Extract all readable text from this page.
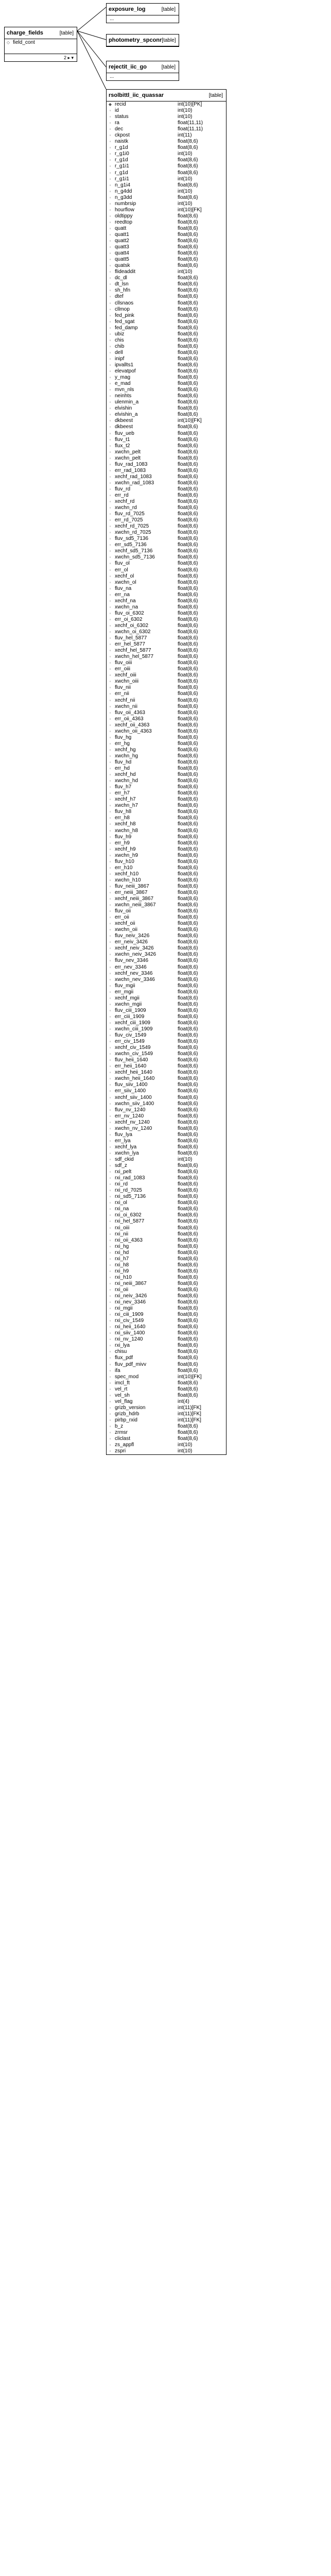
exposure_log	[table]
...
charge_fields	[table]
◇ field_cont
2 ▸ ▾
photometry_spconr [table]
rejectit_iic_go	[table]
...
rsolbittl_iic_quassar	[table]
◆ recid	int(10)[PK]
◦ id	int(10)
◦ status	int(10)
◦ ra	float(11,11)
◦ dec	float(11,11)
◦ ckpost	int(11)
◦ naistk	float(8,6)
◦ r_g1d	float(8,6)
◦ r_g1i0	int(10)
◦ r_g1d	float(8,6)
◦ r_g1i1	float(8,6)
◦ r_g1d	float(8,6)
◦ r_g1i1	int(10)
◦ n_g1i4	float(8,6)
◦ n_g4dd	int(10)
◦ n_g3dd	float(8,6)
◦ numbrsip	int(10)
◦ hourflow	int(10)[FK]
◦ oldtippy	float(8,6)
◦ reedtop	float(8,6)
◦ quatt	float(8,6)
◦ quatt1	float(8,6)
◦ quatt2	float(8,6)
◦ quatt3	float(8,6)
◦ quatt4	float(8,6)
◦ quatt5	float(8,6)
◦ quatsk	float(8,6)
◦ flideaddit	int(10)
◦ dc_dl	float(8,6)
◦ dt_lsn	float(8,6)
◦ sh_hfn	float(8,6)
◦ dtef	float(8,6)
◦ cllsnaos	float(8,6)
◦ cllmop	float(8,6)
◦ fed_pink	float(8,6)
◦ fed_sgat	float(8,6)
◦ fed_damp	float(8,6)
◦ ubiz	float(8,6)
◦ chis	float(8,6)
◦ chib	float(8,6)
◦ dell	float(8,6)
◦ inipf	float(8,6)
◦ ipvallts1	float(8,6)
◦ elevatpof	float(8,6)
◦ y_mag	float(8,6)
◦ e_mad	float(8,6)
◦ mvn_nls	float(8,6)
◦ neinhts	float(8,6)
◦ ulenmin_a	float(8,6)
◦ elvishin	float(8,6)
◦ elvishin_a	float(8,6)
◦ dkbeest	int(10)[FK]
◦ dkbeest	float(8,6)
◦ fluv_ueb	float(8,6)
◦ fluv_t1	float(8,6)
◦ flux_t2	float(8,6)
◦ xwchn_pelt	float(8,6)
◦ xwchn_pelt	float(8,6)
◦ fluv_rad_1083	float(8,6)
◦ err_rad_1083	float(8,6)
◦ xechf_rad_1083	float(8,6)
◦ xwchn_rad_1083	float(8,6)
◦ fluv_rd	float(8,6)
◦ err_rd	float(8,6)
◦ xechf_rd	float(8,6)
◦ xwchn_rd	float(8,6)
◦ fluv_rd_7025	float(8,6)
◦ err_rd_7025	float(8,6)
◦ xechf_rd_7025	float(8,6)
◦ xwchn_rd_7025	float(8,6)
◦ fluv_sd5_7136	float(8,6)
◦ err_sd5_7136	float(8,6)
◦ xechf_sd5_7136	float(8,6)
◦ xwchn_sd5_7136	float(8,6)
◦ fluv_ol	float(8,6)
◦ err_ol	float(8,6)
◦ xechf_ol	float(8,6)
◦ xwchn_ol	float(8,6)
◦ fluv_na	float(8,6)
◦ err_na	float(8,6)
◦ xechf_na	float(8,6)
◦ xwchn_na	float(8,6)
◦ fluv_oi_6302	float(8,6)
◦ err_oi_6302	float(8,6)
◦ xechf_oi_6302	float(8,6)
◦ xwchn_oi_6302	float(8,6)
◦ fluv_hel_5877	float(8,6)
◦ err_hel_5877	float(8,6)
◦ xechf_hel_5877	float(8,6)
◦ xwchn_hel_5877	float(8,6)
◦ fluv_oiii	float(8,6)
◦ err_oiii	float(8,6)
◦ xechf_oiii	float(8,6)
◦ xwchn_oiii	float(8,6)
◦ fluv_nii	float(8,6)
◦ err_nii	float(8,6)
◦ xechf_nii	float(8,6)
◦ xwchn_nii	float(8,6)
◦ fluv_oii_4363	float(8,6)
◦ err_oii_4363	float(8,6)
◦ xechf_oii_4363	float(8,6)
◦ xwchn_oii_4363	float(8,6)
◦ fluv_hg	float(8,6)
◦ err_hg	float(8,6)
◦ xechf_hg	float(8,6)
◦ xwchn_hg	float(8,6)
◦ fluv_hd	float(8,6)
◦ err_hd	float(8,6)
◦ xechf_hd	float(8,6)
◦ xwchn_hd	float(8,6)
◦ fluv_h7	float(8,6)
◦ err_h7	float(8,6)
◦ xechf_h7	float(8,6)
◦ xwchn_h7	float(8,6)
◦ fluv_h8	float(8,6)
◦ err_h8	float(8,6)
◦ xechf_h8	float(8,6)
◦ xwchn_h8	float(8,6)
◦ fluv_h9	float(8,6)
◦ err_h9	float(8,6)
◦ xechf_h9	float(8,6)
◦ xwchn_h9	float(8,6)
◦ fluv_h10	float(8,6)
◦ err_h10	float(8,6)
◦ xechf_h10	float(8,6)
◦ xwchn_h10	float(8,6)
◦ fluv_neiii_3867	float(8,6)
◦ err_neiii_3867	float(8,6)
◦ xechf_neiii_3867	float(8,6)
◦ xwchn_neiii_3867	float(8,6)
◦ fluv_oii	float(8,6)
◦ err_oii	float(8,6)
◦ xechf_oii	float(8,6)
◦ xwchn_oii	float(8,6)
◦ fluv_neiv_3426	float(8,6)
◦ err_neiv_3426	float(8,6)
◦ xechf_neiv_3426	float(8,6)
◦ xwchn_neiv_3426	float(8,6)
◦ fluv_nev_3346	float(8,6)
◦ err_nev_3346	float(8,6)
◦ xechf_nev_3346	float(8,6)
◦ xwchn_nev_3346	float(8,6)
◦ fluv_mgii	float(8,6)
◦ err_mgii	float(8,6)
◦ xechf_mgii	float(8,6)
◦ xwchn_mgii	float(8,6)
◦ fluv_ciii_1909	float(8,6)
◦ err_ciii_1909	float(8,6)
◦ xechf_ciii_1909	float(8,6)
◦ xwchn_ciii_1909	float(8,6)
◦ fluv_civ_1549	float(8,6)
◦ err_civ_1549	float(8,6)
◦ xechf_civ_1549	float(8,6)
◦ xwchn_civ_1549	float(8,6)
◦ fluv_heii_1640	float(8,6)
◦ err_heii_1640	float(8,6)
◦ xechf_heii_1640	float(8,6)
◦ xwchn_heii_1640	float(8,6)
◦ fluv_siiv_1400	float(8,6)
◦ err_siiv_1400	float(8,6)
◦ xechf_siiv_1400	float(8,6)
◦ xwchn_siiv_1400	float(8,6)
◦ fluv_nv_1240	float(8,6)
◦ err_nv_1240	float(8,6)
◦ xechf_nv_1240	float(8,6)
◦ xwchn_nv_1240	float(8,6)
◦ fluv_lya	float(8,6)
◦ err_lya	float(8,6)
◦ xechf_lya	float(8,6)
◦ xwchn_lya	float(8,6)
◦ sdf_ckid	int(10)
◦ sdf_z	float(8,6)
◦ rxi_pelt	float(8,6)
◦ rxi_rad_1083	float(8,6)
◦ rxi_rd	float(8,6)
◦ rxi_rd_7025	float(8,6)
◦ rxi_sd5_7136	float(8,6)
◦ rxi_ol	float(8,6)
◦ rxi_na	float(8,6)
◦ rxi_oi_6302	float(8,6)
◦ rxi_hel_5877	float(8,6)
◦ rxi_oiii	float(8,6)
◦ rxi_nii	float(8,6)
◦ rxi_oii_4363	float(8,6)
◦ rxi_hg	float(8,6)
◦ rxi_hd	float(8,6)
◦ rxi_h7	float(8,6)
◦ rxi_h8	float(8,6)
◦ rxi_h9	float(8,6)
◦ rxi_h10	float(8,6)
◦ rxi_neiii_3867	float(8,6)
◦ rxi_oii	float(8,6)
◦ rxi_neiv_3426	float(8,6)
◦ rxi_nev_3346	float(8,6)
◦ rxi_mgii	float(8,6)
◦ rxi_ciii_1909	float(8,6)
◦ rxi_civ_1549	float(8,6)
◦ rxi_heii_1640	float(8,6)
◦ rxi_siiv_1400	float(8,6)
◦ rxi_nv_1240	float(8,6)
◦ rxi_lya	float(8,6)
◦ chisu	float(8,6)
◦ flux_pdf	float(8,6)
◦ fluv_pdf_mivv	float(8,6)
◦ ifa	float(8,6)
◦ spec_mod	int(10)[FK]
◦ imcl_ft	float(8,6)
◦ vel_rt	float(8,6)
◦ vel_sh	float(8,6)
◦ vel_flag	int(4)
◦ grizb_version	int(11)[FK]
◦ grizb_hdrb	int(11)[FK]
◦ pirbp_rxid	int(11)[FK]
◦ b_z	float(8,6)
◦ zrmsr	float(8,6)
◦ cliclast	float(8,6)
◦ zs_appfl	int(10)
◦ zspri	int(10)
